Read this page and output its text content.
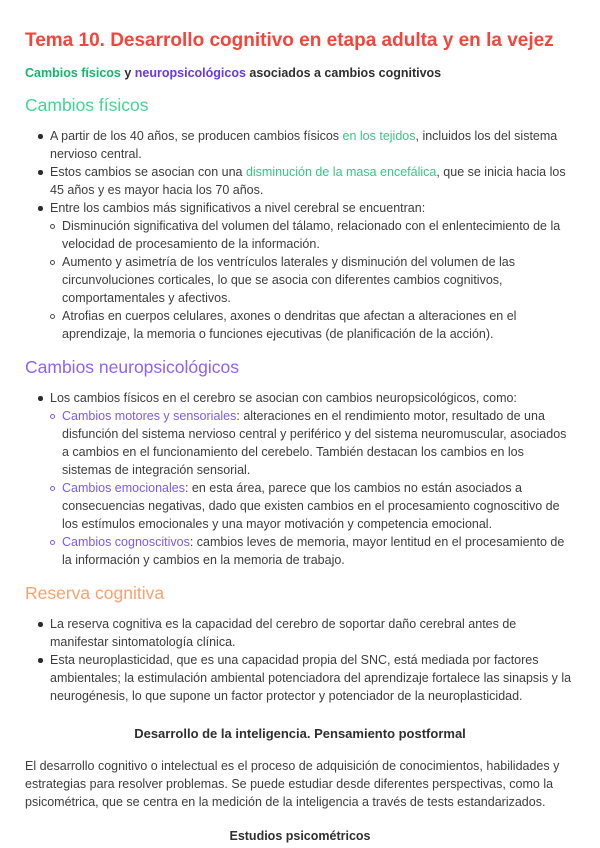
Tema 10. Desarrollo cognitivo en etapa adulta y en la vejez

Cambios físicos y neuropsicológicos asociados a cambios cognitivos

Cambios físicos
A partir de los 40 años, se producen cambios físicos en los tejidos, incluidos los del sistema nervioso central.
Estos cambios se asocian con una disminución de la masa encefálica, que se inicia hacia los 45 años y es mayor hacia los 70 años.
Entre los cambios más significativos a nivel cerebral se encuentran:
Disminución significativa del volumen del tálamo, relacionado con el enlentecimiento de la velocidad de procesamiento de la información.
Aumento y asimetría de los ventrículos laterales y disminución del volumen de las circunvoluciones corticales, lo que se asocia con diferentes cambios cognitivos, comportamentales y afectivos.
Atrofias en cuerpos celulares, axones o dendritas que afectan a alteraciones en el aprendizaje, la memoria o funciones ejecutivas (de planificación de la acción).
Cambios neuropsicológicos
Los cambios físicos en el cerebro se asocian con cambios neuropsicológicos, como:
Cambios motores y sensoriales: alteraciones en el rendimiento motor, resultado de una disfunción del sistema nervioso central y periférico y del sistema neuromuscular, asociados a cambios en el funcionamiento del cerebelo. También destacan los cambios en los sistemas de integración sensorial.
Cambios emocionales: en esta área, parece que los cambios no están asociados a consecuencias negativas, dado que existen cambios en el procesamiento cognoscitivo de los estímulos emocionales y una mayor motivación y competencia emocional.
Cambios cognoscitivos: cambios leves de memoria, mayor lentitud en el procesamiento de la información y cambios en la memoria de trabajo.
Reserva cognitiva
La reserva cognitiva es la capacidad del cerebro de soportar daño cerebral antes de manifestar sintomatología clínica.
Esta neuroplasticidad, que es una capacidad propia del SNC, está mediada por factores ambientales; la estimulación ambiental potenciadora del aprendizaje fortalece las sinapsis y la neurogénesis, lo que supone un factor protector y potenciador de la neuroplasticidad.
Desarrollo de la inteligencia. Pensamiento postformal

El desarrollo cognitivo o intelectual es el proceso de adquisición de conocimientos, habilidades y estrategias para resolver problemas. Se puede estudiar desde diferentes perspectivas, como la psicométrica, que se centra en la medición de la inteligencia a través de tests estandarizados.

Estudios psicométricos
